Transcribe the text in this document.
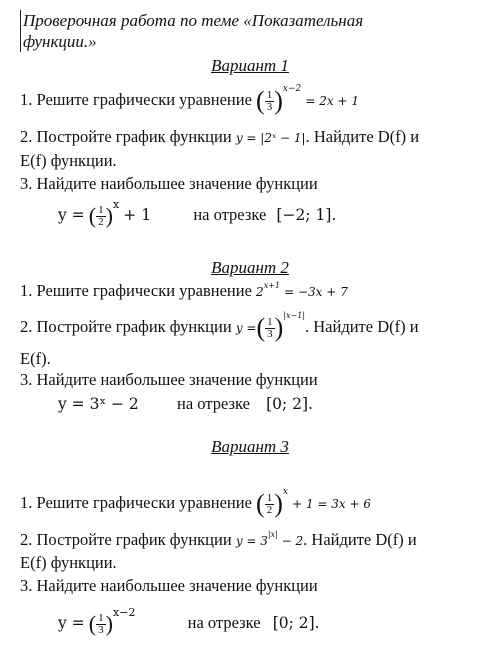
Проверочная работа по теме «Показательная
функции.»
Вариант 1
1. Решите графически уравнение ( $\frac{1}{3} )^{x-2} = 2x + 1$
2. Постройте график функции y = |2ˣ − 1|. Найдите D(f) и
E(f) функции.
3. Найдите наибольшее значение функции
y = ( $\frac{1}{2} )^x + 1$	на отрезке [−2; 1].
Вариант 2
1. Решите графически уравнение $2^{x+1} = -3x + 7$
2. Постройте график функции y =( $\frac{1}{3} )^{|x-1|}$. Найдите D(f) и
E(f).
3. Найдите наибольшее значение функции
y = 3ˣ − 2 на отрезке [0; 2].
Вариант 3
1. Решите графически уравнение ( $\frac{1}{2} )^x + 1 = 3x + 6$
2. Постройте график функции $y = 3^{|x|} - 2$. Найдите D(f) и
E(f) функции.
3. Найдите наибольшее значение функции
y = ( $\frac{1}{3} )^{x-2}$  на отрезке [0; 2].
